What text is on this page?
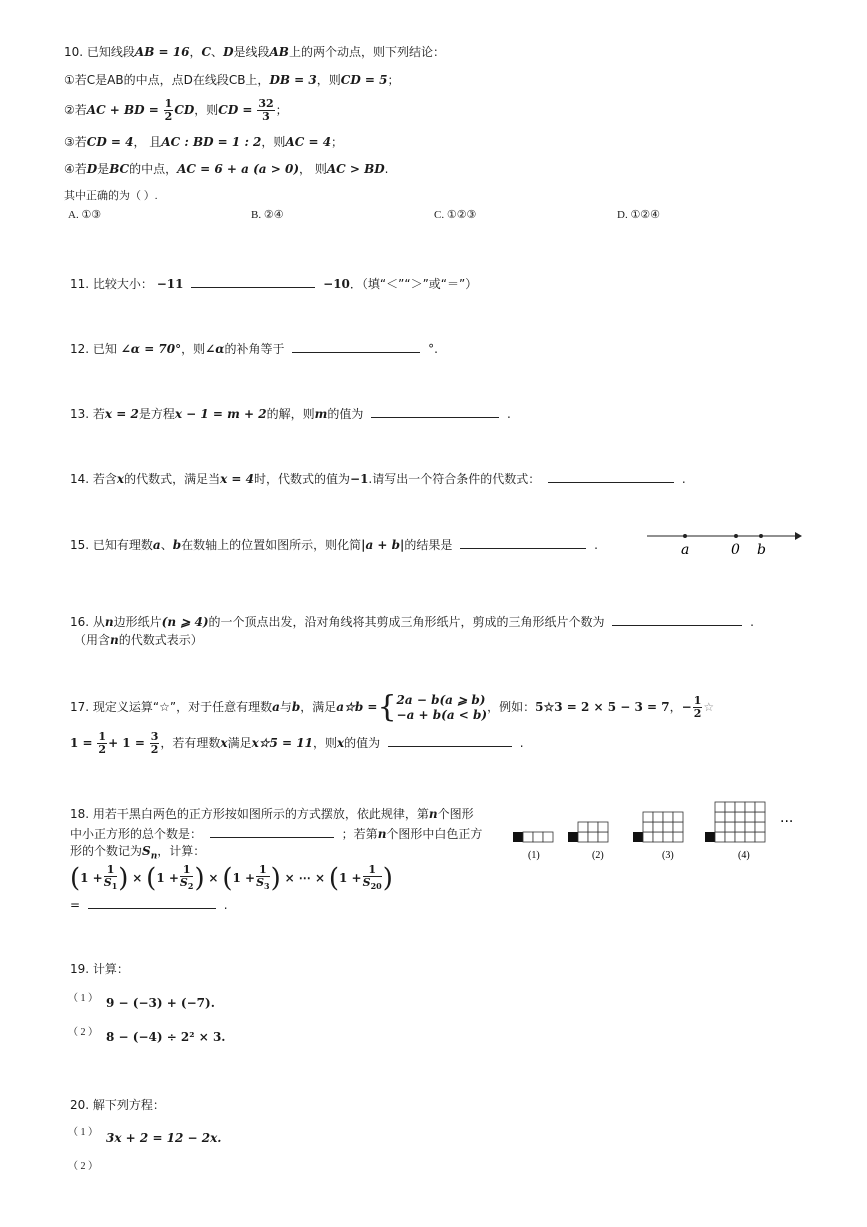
10. 已知线段AB = 16，C、D是线段AB上的两个动点，则下列结论：
①若C是AB的中点，点D在线段CB上，DB = 3，则CD = 5；
②若AC + BD = $\frac{1}{2}$ CD，则CD = $\frac{32}{3}$ ；
③若CD = 4， 且AC : BD = 1 : 2，则AC = 4；
④若D是BC的中点，AC = 6 + a (a > 0)， 则AC > BD.
其中正确的为（ ）.
A. ①③	B. ②④	C. ①②③	D. ①②④
11. 比较大小： −11	−10．（填“＜”“＞”或“＝”）
12. 已知 ∠α = 70°，则∠α的补角等于	°.
13. 若x = 2是方程x − 1 = m + 2的解，则m的值为	.
14. 若含x的代数式，满足当x = 4时，代数式的值为−1.请写出一个符合条件的代数式：	.
15. 已知有理数a、b在数轴上的位置如图所示，则化简|a + b|的结果是	.	a	0 b
16. 从n边形纸片(n ⩾ 4)的一个顶点出发，沿对角线将其剪成三角形纸片，剪成的三角形纸片个数为	.
（用含n的代数式表示）
17. 现定义运算“☆”，对于任意有理数a与b，满足a☆b ={ 2a − b(a ⩾ b)
−a + b(a < b)
，例如：5☆3 = 2 × 5 − 3 = 7，− $\frac{1}{2}$ ☆
$1 = \frac{1}{2} + 1 = \frac{3}{2}$ ，若有理数x满足x☆5 = 11，则x的值为	.
18. 用若干黑白两色的正方形按如图所示的方式摆放，依此规律，第n个图形
中小正方形的总个数是：	；若第n个图形中白色正方
形的个数记为$S_n$，计算：
($1 + \frac{1}{S_1}$ ) × ($1 + \frac{1}{S_2}$ ) × ($1 + \frac{1}{S_3}$ ) × ⋯ × ($1 + \frac{1}{S_{20}}$ )
=	.
(1)	(2)	(3)	(4)
···
19. 计算：
（ 1 ） 9 − (−3) + (−7).
（ 2 ） 8 − (−4) ÷ 2² × 3.
20. 解下列方程：
（ 1 ） 3x + 2 = 12 − 2x.
（ 2 ）
